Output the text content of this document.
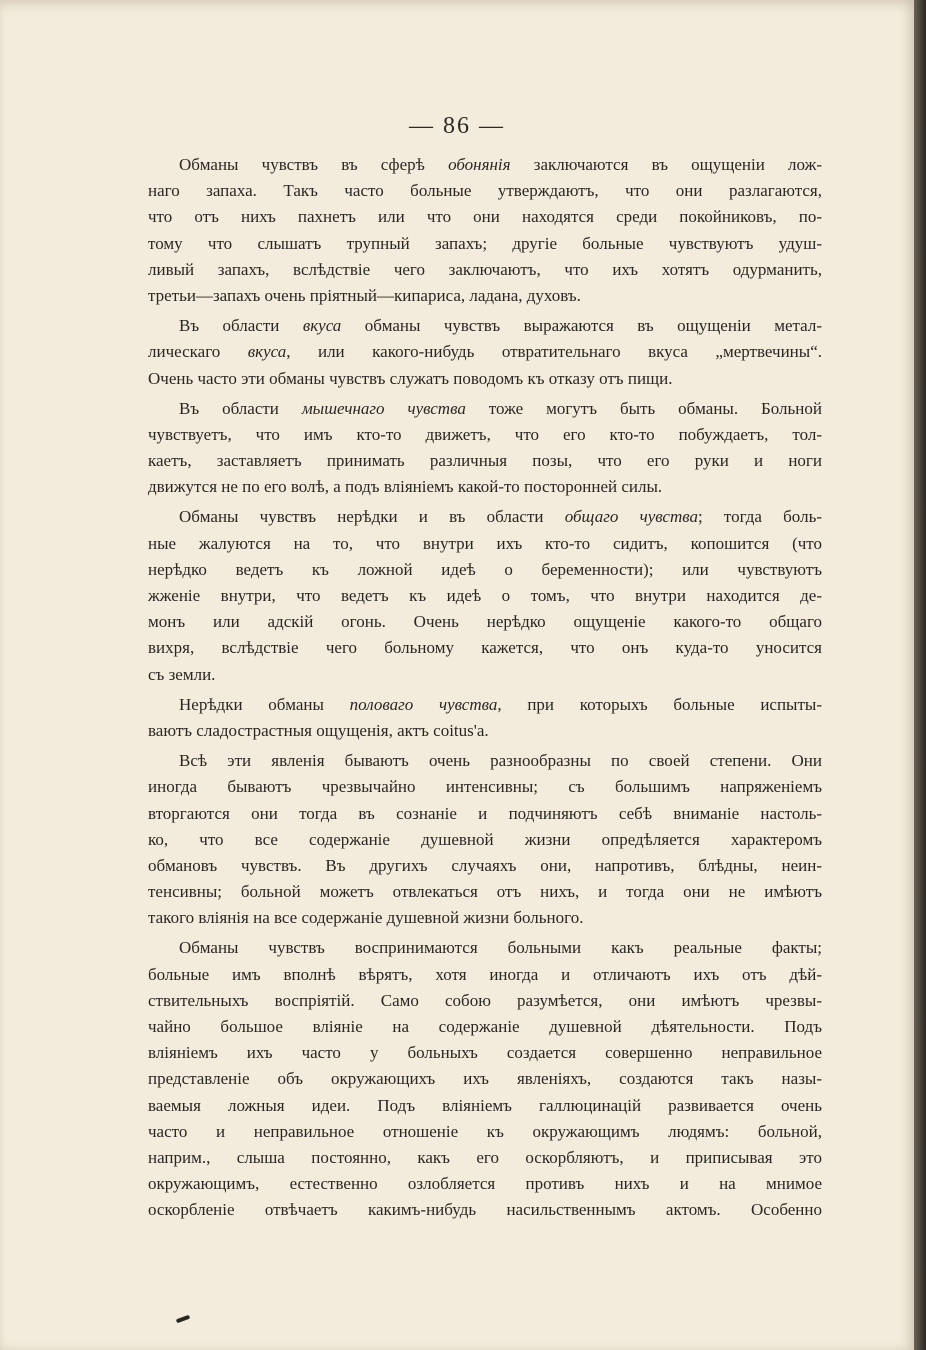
— 86 —
Обманы чувствъ въ сферѣ обонянія заключаются въ ощущеніи лож-
наго запаха. Такъ часто больные утверждаютъ, что они разлагаются,
что отъ нихъ пахнетъ или что они находятся среди покойниковъ, по-
тому что слышатъ трупный запахъ; другіе больные чувствуютъ удуш-
ливый запахъ, вслѣдствіе чего заключаютъ, что ихъ хотятъ одурманить,
третьи—запахъ очень пріятный—кипариса, ладана, духовъ.
Въ области вкуса обманы чувствъ выражаются въ ощущеніи метал-
лическаго вкуса, или какого-нибудь отвратительнаго вкуса „мертвечины“.
Очень часто эти обманы чувствъ служатъ поводомъ къ отказу отъ пищи.
Въ области мышечнаго чувства тоже могутъ быть обманы. Больной
чувствуетъ, что имъ кто-то движетъ, что его кто-то побуждаетъ, тол-
каетъ, заставляетъ принимать различныя позы, что его руки и ноги
движутся не по его волѣ, а подъ вліяніемъ какой-то посторонней силы.
Обманы чувствъ нерѣдки и въ области общаго чувства; тогда боль-
ные жалуются на то, что внутри ихъ кто-то сидитъ, копошится (что
нерѣдко ведетъ къ ложной идеѣ о беременности); или чувствуютъ
жженіе внутри, что ведетъ къ идеѣ о томъ, что внутри находится де-
монъ или адскій огонь. Очень нерѣдко ощущеніе какого-то общаго
вихря, вслѣдствіе чего больному кажется, что онъ куда-то уносится
съ земли.
Нерѣдки обманы половаго чувства, при которыхъ больные испыты-
ваютъ сладострастныя ощущенія, актъ coitus'а.
Всѣ эти явленія бываютъ очень разнообразны по своей степени. Они
иногда бываютъ чрезвычайно интенсивны; съ большимъ напряженіемъ
вторгаются они тогда въ сознаніе и подчиняютъ себѣ вниманіе настоль-
ко, что все содержаніе душевной жизни опредѣляется характеромъ
обмановъ чувствъ. Въ другихъ случаяхъ они, напротивъ, блѣдны, неин-
тенсивны; больной можетъ отвлекаться отъ нихъ, и тогда они не имѣютъ
такого вліянія на все содержаніе душевной жизни больного.
Обманы чувствъ воспринимаются больными какъ реальные факты;
больные имъ вполнѣ вѣрятъ, хотя иногда и отличаютъ ихъ отъ дѣй-
ствительныхъ воспріятій. Само собою разумѣется, они имѣютъ чрезвы-
чайно большое вліяніе на содержаніе душевной дѣятельности. Подъ
вліяніемъ ихъ часто у больныхъ создается совершенно неправильное
представленіе объ окружающихъ ихъ явленіяхъ, создаются такъ назы-
ваемыя ложныя идеи. Подъ вліяніемъ галлюцинацій развивается очень
часто и неправильное отношеніе къ окружающимъ людямъ: больной,
наприм., слыша постоянно, какъ его оскорбляютъ, и приписывая это
окружающимъ, естественно озлобляется противъ нихъ и на мнимое
оскорбленіе отвѣчаетъ какимъ-нибудь насильственнымъ актомъ. Особенно
